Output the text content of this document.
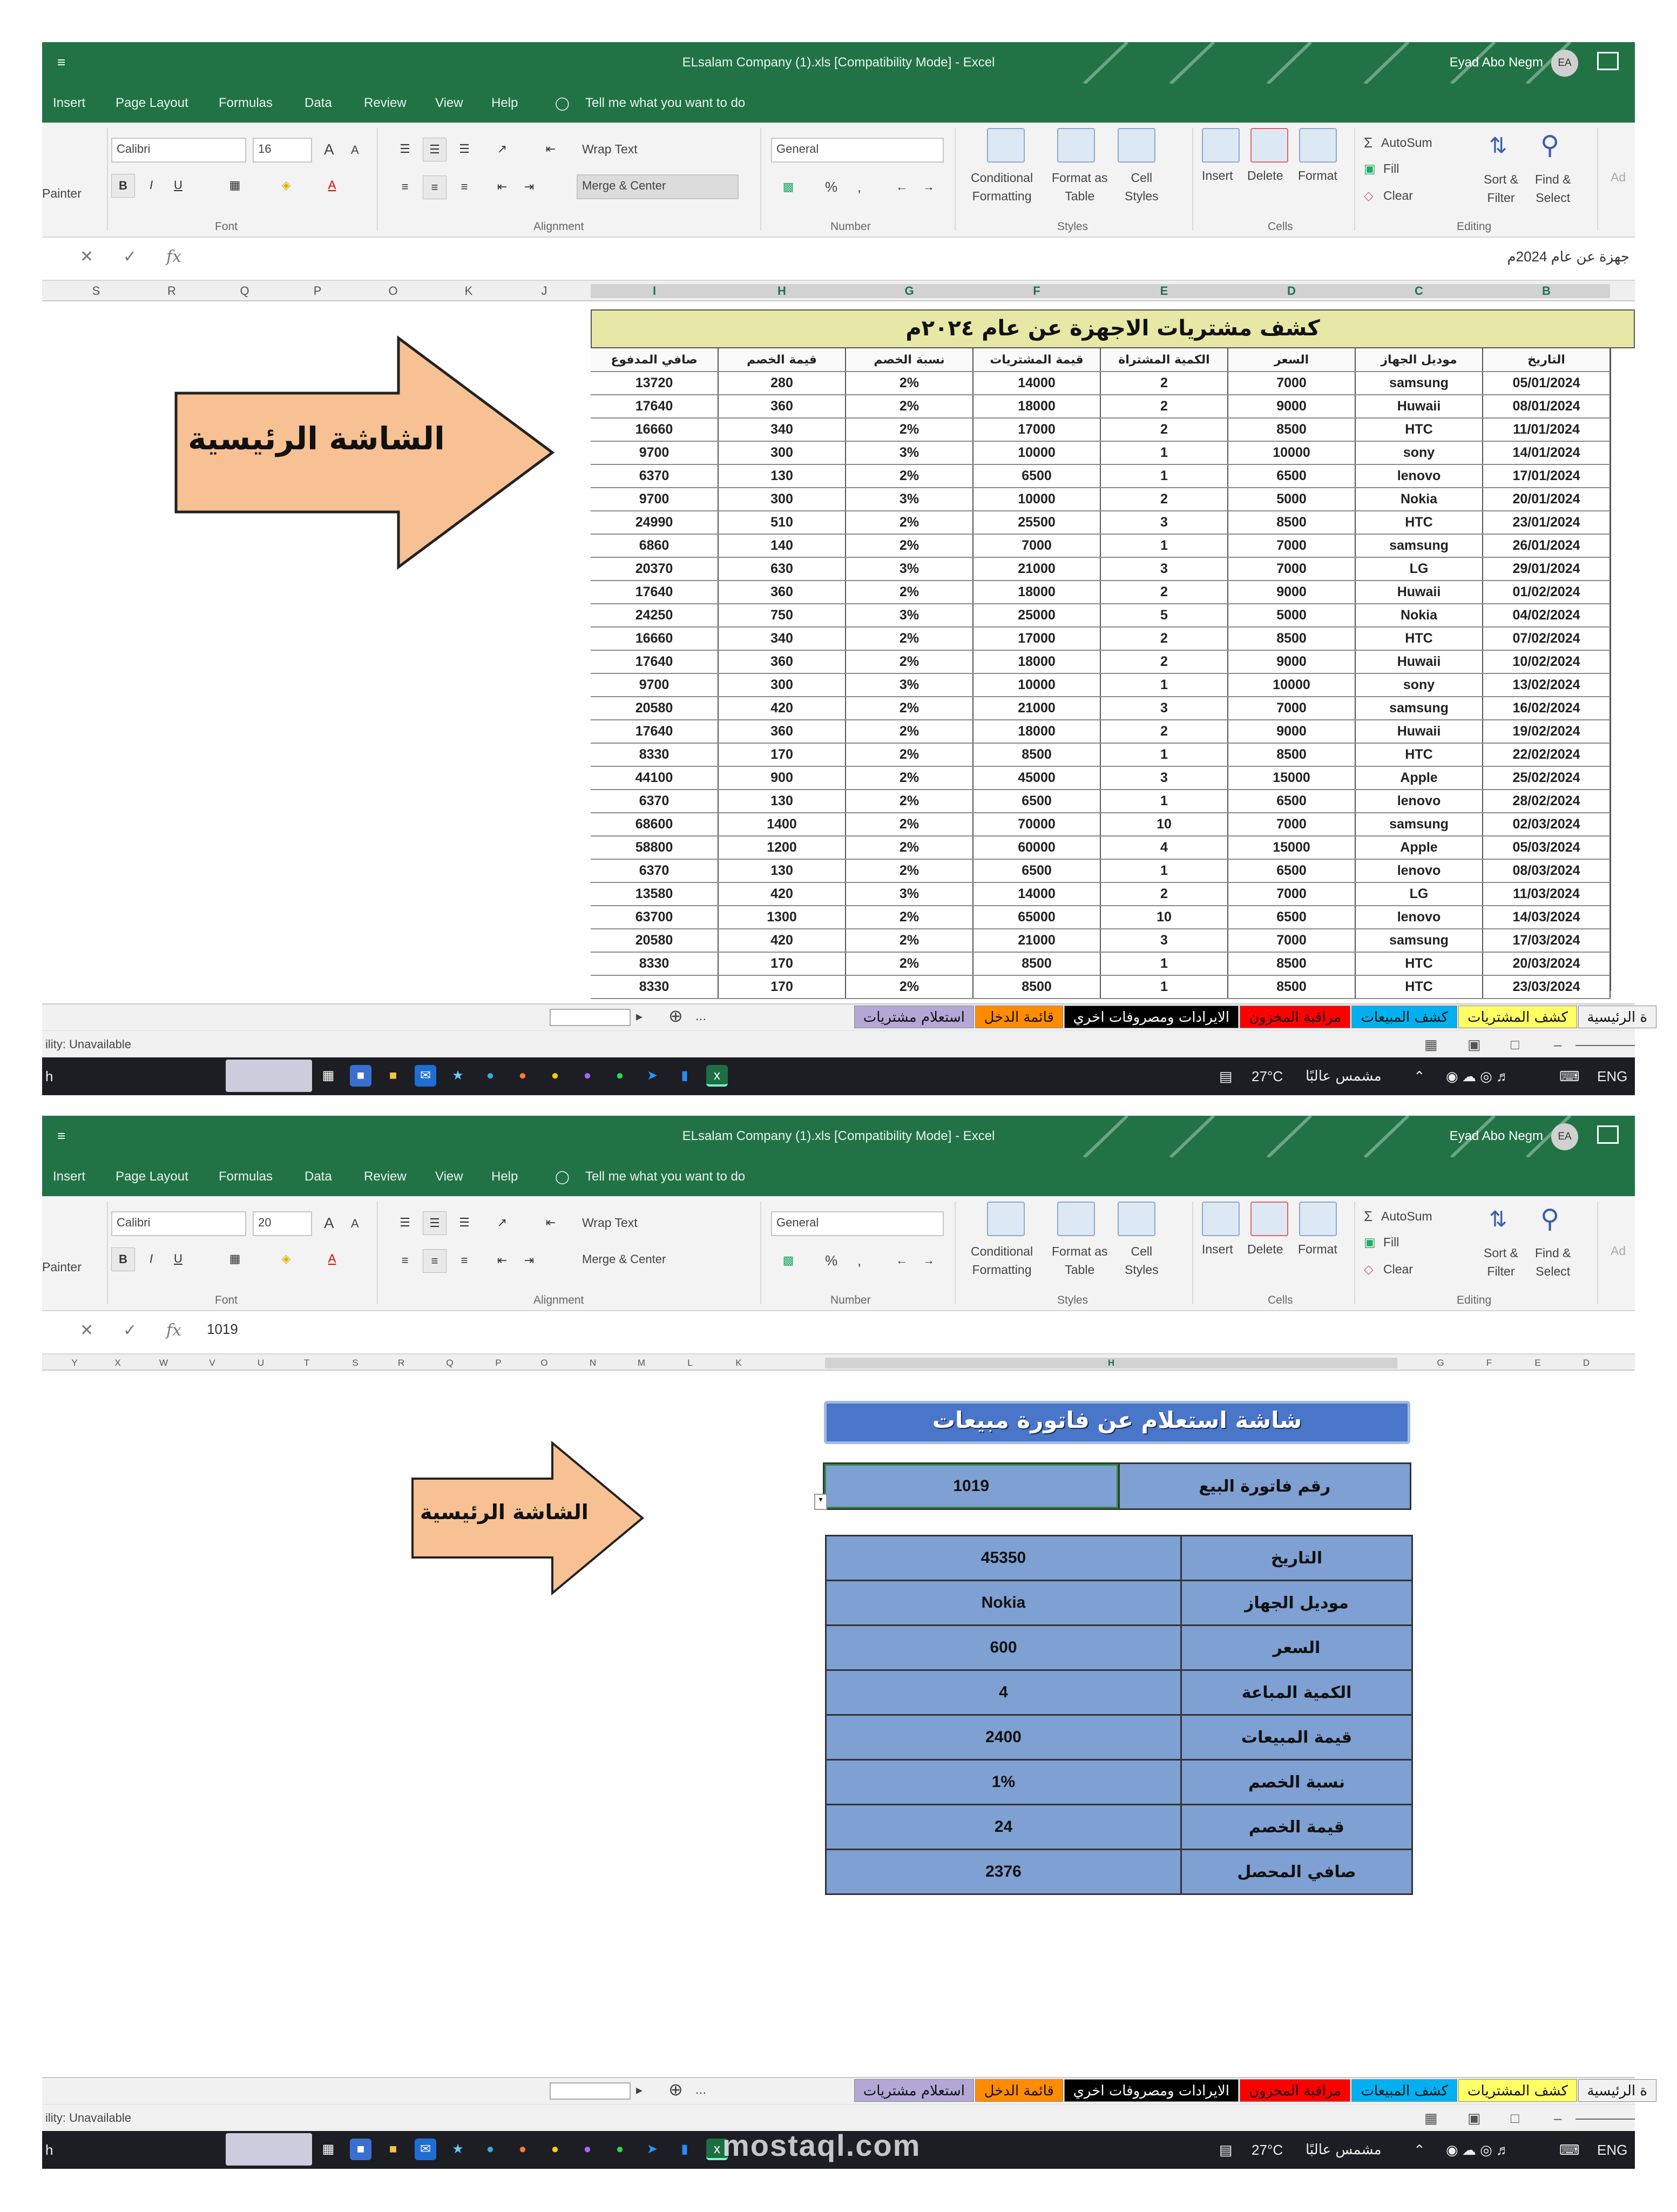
≡	ELsalam Company (1).xls [Compatibility Mode] - Excel	Eyad Abo Negm	EA
Insert Page Layout Formulas Data Review View Help	◯ Tell me what you want to do
Painter
Calibri	16	A A
B	I	U	▦	◈	A
Font
☰	☰	☰	↗	⇤	Wrap Text
≡	≡	≡	⇤	⇥	Merge & Center
Alignment
General
▩	% ,	←	→
Number
Conditional
Formatting
Format as
Table
Cell
Styles
Styles
Insert Delete Format
Cells
Σ AutoSum
▣ Fill
◇ Clear
⇅
Sort &
Filter
⚲
Find &
Select
Editing
Ad
✕ ✓ fx	جهزة عن عام 2024م
S	R	Q	P	O	K	J	I	H	G	F	E	D	C	B
الشاشة الرئيسية
كشف مشتريات الاجهزة عن عام ٢٠٢٤م
صافي المدفوع	قيمة الخصم	نسبة الخصم	قيمة المشتريات	الكمية المشتراة	السعر	موديل الجهاز	التاريخ
13720	280	2%	14000	2	7000	samsung	05/01/2024
17640	360	2%	18000	2	9000	Huwaii	08/01/2024
16660	340	2%	17000	2	8500	HTC	11/01/2024
9700	300	3%	10000	1	10000	sony	14/01/2024
6370	130	2%	6500	1	6500	lenovo	17/01/2024
9700	300	3%	10000	2	5000	Nokia	20/01/2024
24990	510	2%	25500	3	8500	HTC	23/01/2024
6860	140	2%	7000	1	7000	samsung	26/01/2024
20370	630	3%	21000	3	7000	LG	29/01/2024
17640	360	2%	18000	2	9000	Huwaii	01/02/2024
24250	750	3%	25000	5	5000	Nokia	04/02/2024
16660	340	2%	17000	2	8500	HTC	07/02/2024
17640	360	2%	18000	2	9000	Huwaii	10/02/2024
9700	300	3%	10000	1	10000	sony	13/02/2024
20580	420	2%	21000	3	7000	samsung	16/02/2024
17640	360	2%	18000	2	9000	Huwaii	19/02/2024
8330	170	2%	8500	1	8500	HTC	22/02/2024
44100	900	2%	45000	3	15000	Apple	25/02/2024
6370	130	2%	6500	1	6500	lenovo	28/02/2024
68600	1400	2%	70000	10	7000	samsung	02/03/2024
58800	1200	2%	60000	4	15000	Apple	05/03/2024
6370	130	2%	6500	1	6500	lenovo	08/03/2024
13580	420	3%	14000	2	7000	LG	11/03/2024
63700	1300	2%	65000	10	6500	lenovo	14/03/2024
20580	420	2%	21000	3	7000	samsung	17/03/2024
8330	170	2%	8500	1	8500	HTC	20/03/2024
8330	170	2%	8500	1	8500	HTC	23/03/2024
▸ ⊕ ...	ة الرئيسية
كشف المشتريات
كشف المبيعات
مراقبة المخزون
الايرادات ومصروفات اخري
قائمة الدخل
استعلام مشتريات
ility: Unavailable	▦ ▣ □ –
h	▦	■	■	✉	★	●	●	●	●	●	➤	▮	x	▤ 27°C مشمس عالبًا ⌃ ◉ ☁ ◎ ♬	⌨ ENG
≡	ELsalam Company (1).xls [Compatibility Mode] - Excel	Eyad Abo Negm	EA
Insert Page Layout Formulas Data Review View Help	◯ Tell me what you want to do
Painter
Calibri	20	A A
B	I	U	▦	◈	A
Font
☰	☰	☰	↗	⇤	Wrap Text
≡	≡	≡	⇤	⇥	Merge & Center
Alignment
General
▩	% ,	←	→
Number
Conditional
Formatting
Format as
Table
Cell
Styles
Styles
Insert Delete Format
Cells
Σ AutoSum
▣ Fill
◇ Clear
⇅
Sort &
Filter
⚲
Find &
Select
Editing
Ad
✕ ✓ fx 1019
Y	X	W	V	U	T	S	R	Q	P	O	N	M	L	K	H	G	F	E	D
الشاشة الرئيسية
شاشة استعلام عن فاتورة مبيعات
1019	رقم فاتورة البيع
▾
45350	التاريخ
Nokia	موديل الجهاز
600	السعر
4	الكمية المباعة
2400	قيمة المبيعات
1%	نسبة الخصم
24	قيمة الخصم
2376	صافي المحصل
▸ ⊕ ...	ة الرئيسية
كشف المشتريات
كشف المبيعات
مراقبة المخزون
الايرادات ومصروفات اخري
قائمة الدخل
استعلام مشتريات
ility: Unavailable	▦ ▣ □ –
h	▦	■	■	✉	★	●	●	●	●	●	➤	▮	x mostaql.com	▤ 27°C مشمس عالبًا ⌃ ◉ ☁ ◎ ♬	⌨ ENG
